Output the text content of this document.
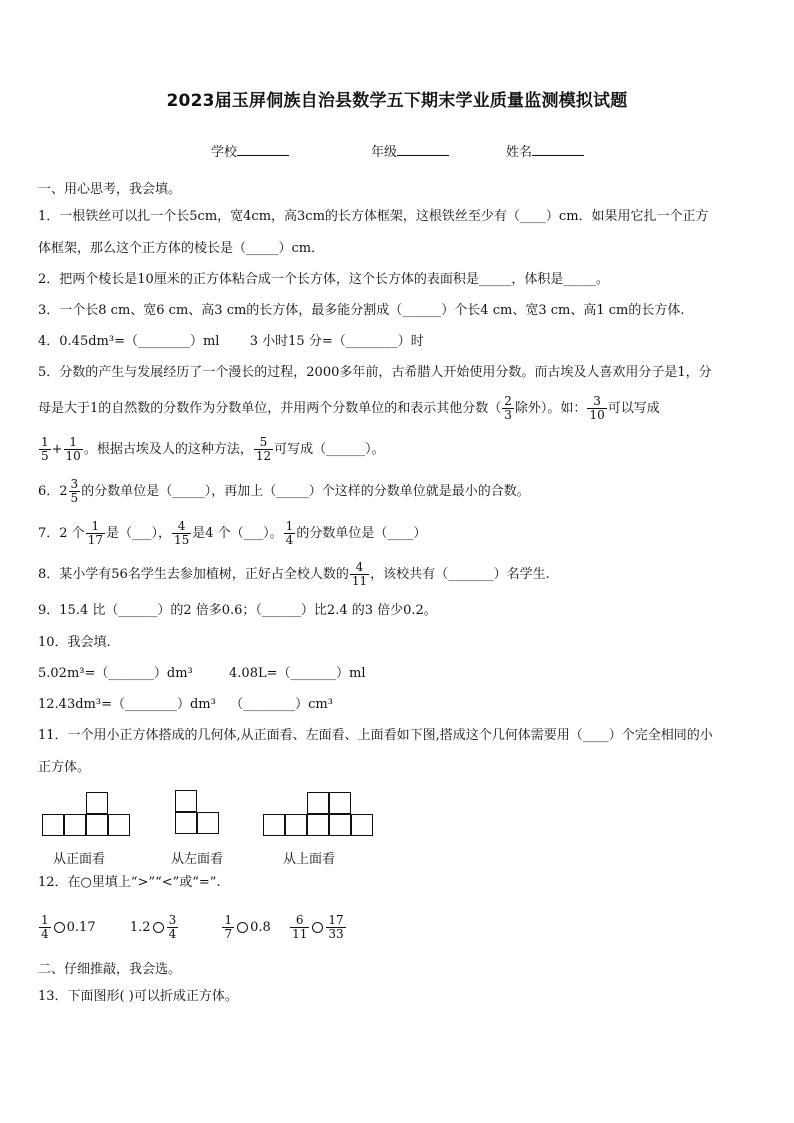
2023届玉屏侗族自治县数学五下期末学业质量监测模拟试题
学校	年级	姓名
一、用心思考，我会填。
1．一根铁丝可以扎一个长5cm，宽4cm，高3cm的长方体框架，这根铁丝至少有（____）cm．如果用它扎一个正方
体框架，那么这个正方体的棱长是（_____）cm．
2．把两个棱长是10厘米的正方体粘合成一个长方体，这个长方体的表面积是_____，体积是_____。
3．一个长8 cm、宽6 cm、高3 cm的长方体，最多能分割成（______）个长4 cm、宽3 cm、高1 cm的长方体.
4．0.45dm³=（________）ml 3 小时15 分=（________）时
5．分数的产生与发展经历了一个漫长的过程，2000多年前，古希腊人开始使用分数。而古埃及人喜欢用分子是1，分
母是大于1的自然数的分数作为分数单位，并用两个分数单位的和表示其他分数（ $\frac{2}{3}$ 除外）。如： $\frac{3}{10}$ 可以写成
$\frac{1}{5} + \frac{1}{10}$ 。根据古埃及人的这种方法， $\frac{5}{12}$ 可写成（______）。
6．$2 \frac{3}{5}$ 的分数单位是（_____），再加上（_____）个这样的分数单位就是最小的合数。
7．2 个 $\frac{1}{17}$ 是（___）， $\frac{4}{15}$ 是4 个（___）。 $\frac{1}{4}$ 的分数单位是（____）
8．某小学有56名学生去参加植树，正好占全校人数的 $\frac{4}{11}$ ，该校共有（_______）名学生.
9．15.4 比（______）的2 倍多0.6；（______）比2.4 的3 倍少0.2。
10．我会填.
5.02m³=（_______）dm³	4.08L=（_______）ml
12.43dm³=（________）dm³ （________）cm³
11．一个用小正方体搭成的几何体,从正面看、左面看、上面看如下图,搭成这个几何体需要用（____）个完全相同的小
正方体。
从正面看	从左面看	从上面看
12．在○里填上“>”“<”或“=”.
$\frac{1}{4} 0.17$	$1.2 \frac{3}{4}$
	$\frac{1}{7} 0.8 \frac{6}{11} \frac{17}{33}$
二、仔细推敲，我会选。
13．下面图形( )可以折成正方体。
